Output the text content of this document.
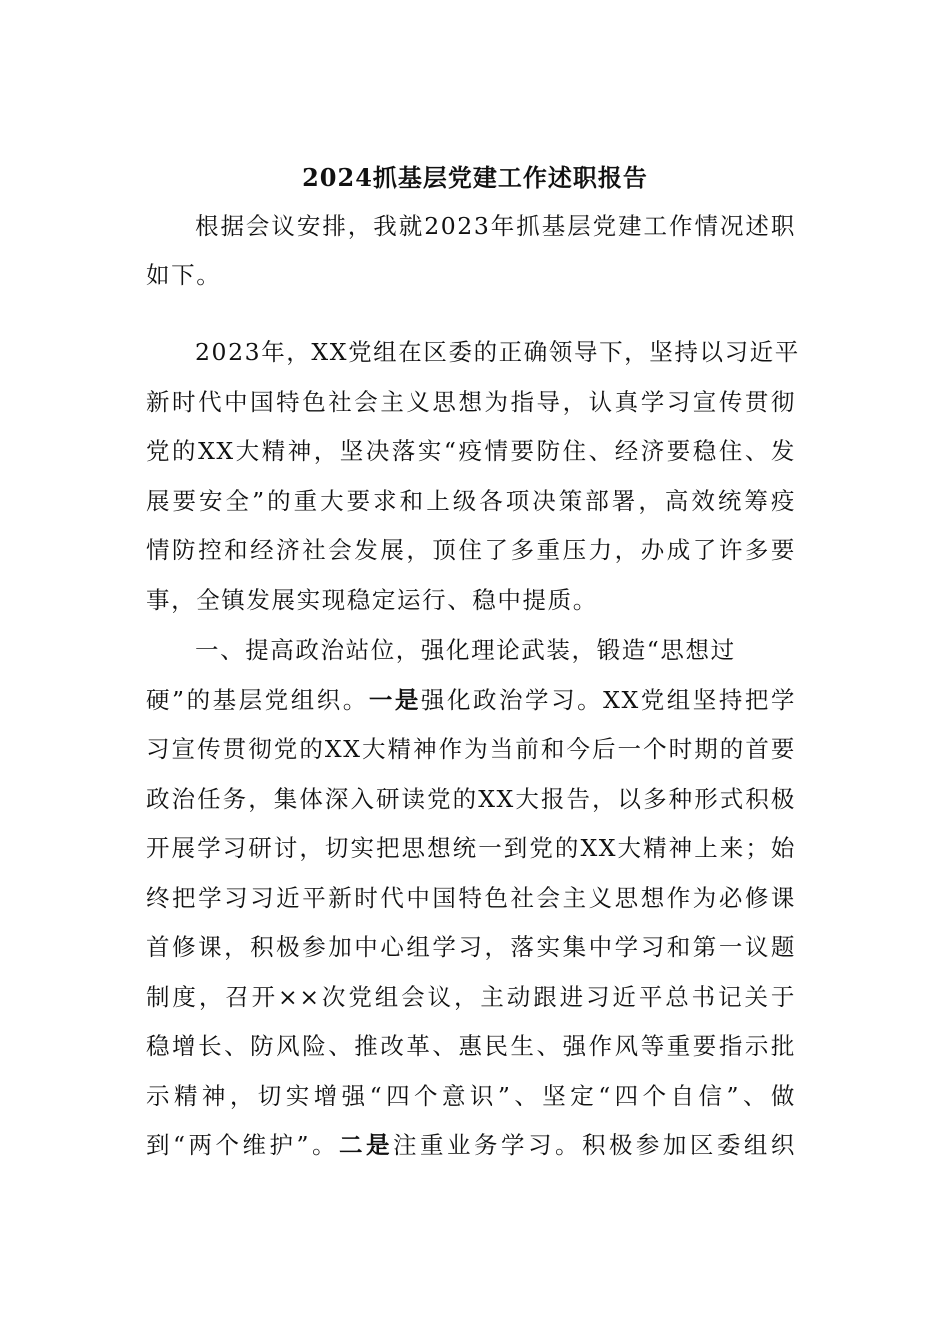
2024抓基层党建工作述职报告
根据会议安排，我就2023年抓基层党建工作情况述职
如下。
2023年，XX党组在区委的正确领导下，坚持以习近平
新时代中国特色社会主义思想为指导，认真学习宣传贯彻
党的XX大精神，坚决落实“疫情要防住、经济要稳住、发
展要安全”的重大要求和上级各项决策部署，高效统筹疫
情防控和经济社会发展，顶住了多重压力，办成了许多要
事，全镇发展实现稳定运行、稳中提质。
一、提高政治站位，强化理论武装，锻造“思想过
硬”的基层党组织。一是强化政治学习。XX党组坚持把学
习宣传贯彻党的XX大精神作为当前和今后一个时期的首要
政治任务，集体深入研读党的XX大报告，以多种形式积极
开展学习研讨，切实把思想统一到党的XX大精神上来；始
终把学习习近平新时代中国特色社会主义思想作为必修课
首修课，积极参加中心组学习，落实集中学习和第一议题
制度，召开××次党组会议，主动跟进习近平总书记关于
稳增长、防风险、推改革、惠民生、强作风等重要指示批
示精神，切实增强“四个意识”、坚定“四个自信”、做
到“两个维护”。二是注重业务学习。积极参加区委组织
